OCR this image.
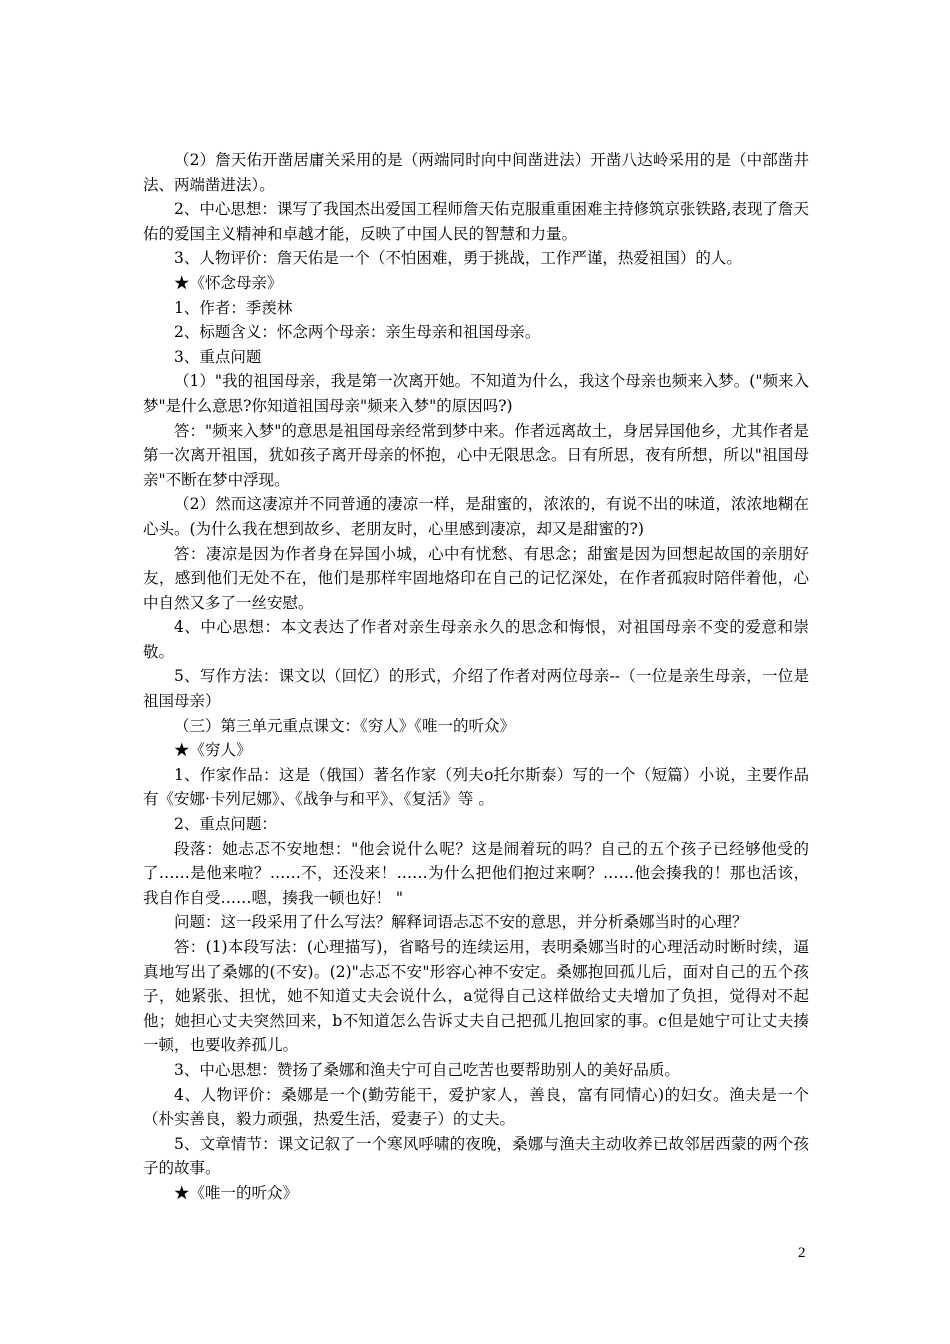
（2）詹天佑开凿居庸关采用的是（两端同时向中间凿进法）开凿八达岭采用的是（中部凿井法、两端凿进法）。

2、中心思想：课写了我国杰出爱国工程师詹天佑克服重重困难主持修筑京张铁路,表现了詹天佑的爱国主义精神和卓越才能，反映了中国人民的智慧和力量。

3、人物评价：詹天佑是一个（不怕困难，勇于挑战，工作严谨，热爱祖国）的人。

★《怀念母亲》

1、作者：季羡林

2、标题含义：怀念两个母亲：亲生母亲和祖国母亲。

3、重点问题

（1）"我的祖国母亲，我是第一次离开她。不知道为什么，我这个母亲也频来入梦。("频来入梦"是什么意思?你知道祖国母亲"频来入梦"的原因吗?)

答："频来入梦"的意思是祖国母亲经常到梦中来。作者远离故土，身居异国他乡，尤其作者是第一次离开祖国，犹如孩子离开母亲的怀抱，心中无限思念。日有所思，夜有所想，所以"祖国母亲"不断在梦中浮现。

（2）然而这凄凉并不同普通的凄凉一样，是甜蜜的，浓浓的，有说不出的味道，浓浓地糊在心头。(为什么我在想到故乡、老朋友时，心里感到凄凉，却又是甜蜜的?)

答：凄凉是因为作者身在异国小城，心中有忧愁、有思念；甜蜜是因为回想起故国的亲朋好友，感到他们无处不在，他们是那样牢固地烙印在自己的记忆深处，在作者孤寂时陪伴着他，心中自然又多了一丝安慰。

4、中心思想：本文表达了作者对亲生母亲永久的思念和悔恨，对祖国母亲不变的爱意和崇敬。

5、写作方法：课文以（回忆）的形式，介绍了作者对两位母亲--（一位是亲生母亲，一位是祖国母亲）

（三）第三单元重点课文：《穷人》《唯一的听众》

★《穷人》

1、作家作品：这是（俄国）著名作家（列夫o托尔斯泰）写的一个（短篇）小说，主要作品有《安娜·卡列尼娜》、《战争与和平》、《复活》等 。

2、重点问题：

段落：她忐忑不安地想："他会说什么呢？这是闹着玩的吗？自己的五个孩子已经够他受的了……是他来啦？……不，还没来！……为什么把他们抱过来啊？……他会揍我的！那也活该，我自作自受……嗯，揍我一顿也好！ "

问题：这一段采用了什么写法？解释词语忐忑不安的意思，并分析桑娜当时的心理？

答：(1)本段写法：(心理描写)，省略号的连续运用，表明桑娜当时的心理活动时断时续，逼真地写出了桑娜的(不安)。(2)"忐忑不安"形容心神不安定。桑娜抱回孤儿后，面对自己的五个孩子，她紧张、担忧，她不知道丈夫会说什么，a觉得自己这样做给丈夫增加了负担，觉得对不起他；她担心丈夫突然回来，b不知道怎么告诉丈夫自己把孤儿抱回家的事。c但是她宁可让丈夫揍一顿，也要收养孤儿。

3、中心思想：赞扬了桑娜和渔夫宁可自己吃苦也要帮助别人的美好品质。

4、人物评价：桑娜是一个(勤劳能干，爱护家人，善良，富有同情心)的妇女。渔夫是一个（朴实善良，毅力顽强，热爱生活，爱妻子）的丈夫。

5、文章情节：课文记叙了一个寒风呼啸的夜晚，桑娜与渔夫主动收养已故邻居西蒙的两个孩子的故事。

★《唯一的听众》

2
